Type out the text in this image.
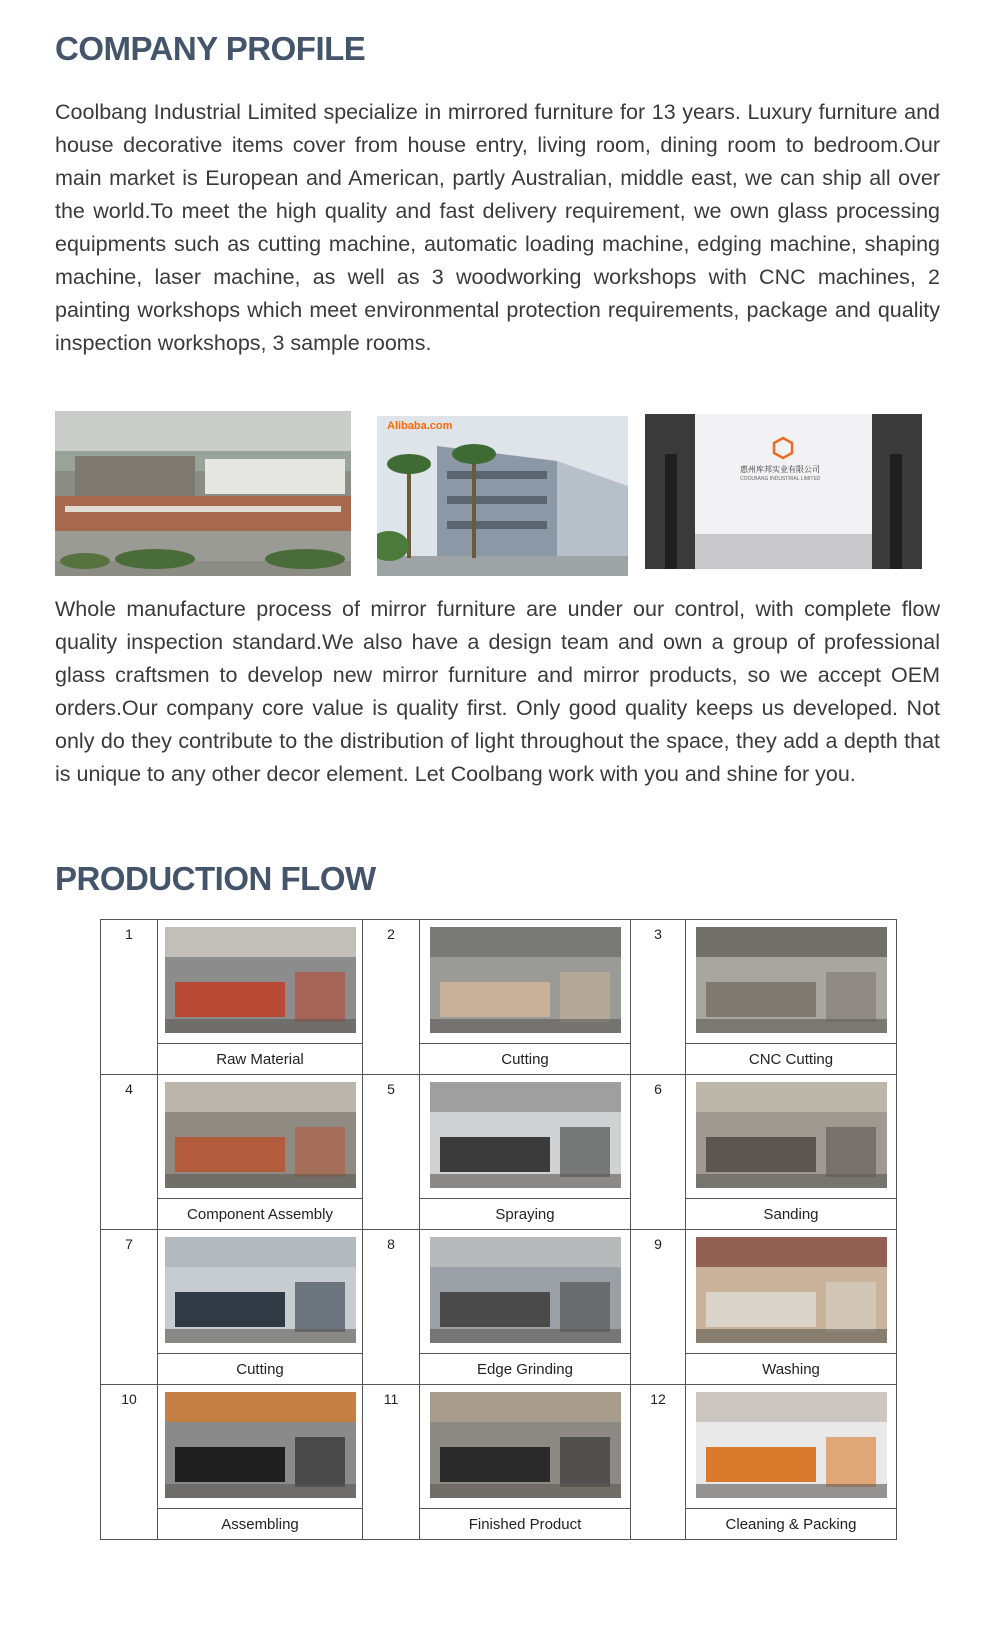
COMPANY PROFILE

Coolbang Industrial Limited specialize in mirrored furniture for 13 years. Luxury furniture and house decorative items cover from house entry, living room, dining room to bedroom.Our main market is European and American, partly Australian, middle east, we can ship all over the world.To meet the high quality and fast delivery requirement, we own glass processing equipments such as cutting machine, automatic loading machine, edging machine, shaping machine, laser machine, as well as 3 woodworking workshops with CNC machines, 2 painting workshops which meet environmental protection requirements, package and quality inspection workshops, 3 sample rooms.

Alibaba.com
惠州库邦实业有限公司
COOLBANG INDUSTRIAL LIMITED

Whole manufacture process of mirror furniture are under our control, with complete flow quality inspection standard.We also have a design team and own a group of professional glass craftsmen to develop new mirror furniture and mirror products, so we accept OEM orders.Our company core value is quality first. Only good quality keeps us developed. Not only do they contribute to the distribution of light throughout the space, they add a depth that is unique to any other decor element. Let Coolbang work with you and shine for you.

PRODUCTION FLOW
1		2		3

	Raw Material		Cutting		CNC Cutting

4		5		6

	Component Assembly		Spraying		Sanding

7		8		9

	Cutting		Edge Grinding		Washing

10		11		12

	Assembling		Finished Product		Cleaning & Packing
